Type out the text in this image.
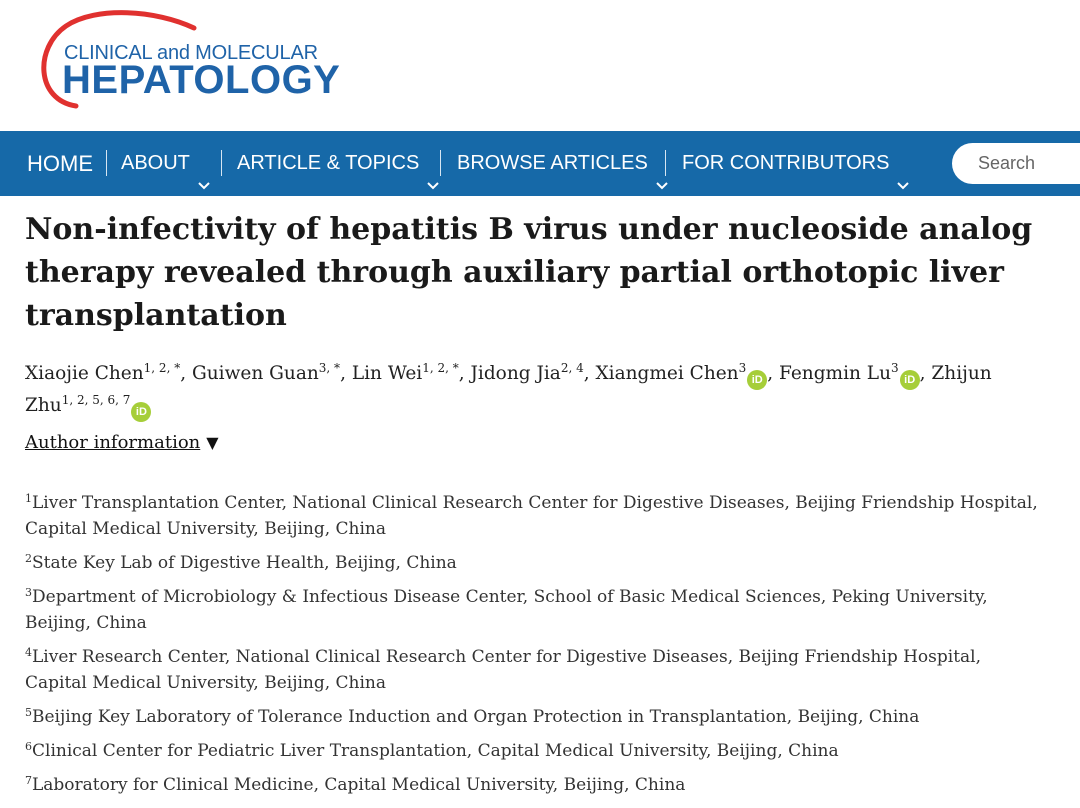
CLINICAL and MOLECULAR
HEPATOLOGY
HOME ABOUT	ARTICLE & TOPICS	BROWSE ARTICLES	FOR CONTRIBUTORS
Search
Non-infectivity of hepatitis B virus under nucleoside analog therapy revealed through auxiliary partial orthotopic liver transplantation
Xiaojie Chen$^{1, 2, *}$, Guiwen Guan$^{3, *}$, Lin Wei$^{1, 2, *}$, Jidong Jia$^{2, 4}$, Xiangmei Chen$^3$iD , Fengmin Lu$^3$iD , Zhijun Zhu$^{1, 2, 5, 6, 7}$iD
Author information ▼
$^1$Liver Transplantation Center, National Clinical Research Center for Digestive Diseases, Beijing Friendship Hospital, Capital Medical University, Beijing, China
$^2$State Key Lab of Digestive Health, Beijing, China
$^3$Department of Microbiology & Infectious Disease Center, School of Basic Medical Sciences, Peking University, Beijing, China
$^4$Liver Research Center, National Clinical Research Center for Digestive Diseases, Beijing Friendship Hospital, Capital Medical University, Beijing, China
$^5$Beijing Key Laboratory of Tolerance Induction and Organ Protection in Transplantation, Beijing, China
$^6$Clinical Center for Pediatric Liver Transplantation, Capital Medical University, Beijing, China
$^7$Laboratory for Clinical Medicine, Capital Medical University, Beijing, China
